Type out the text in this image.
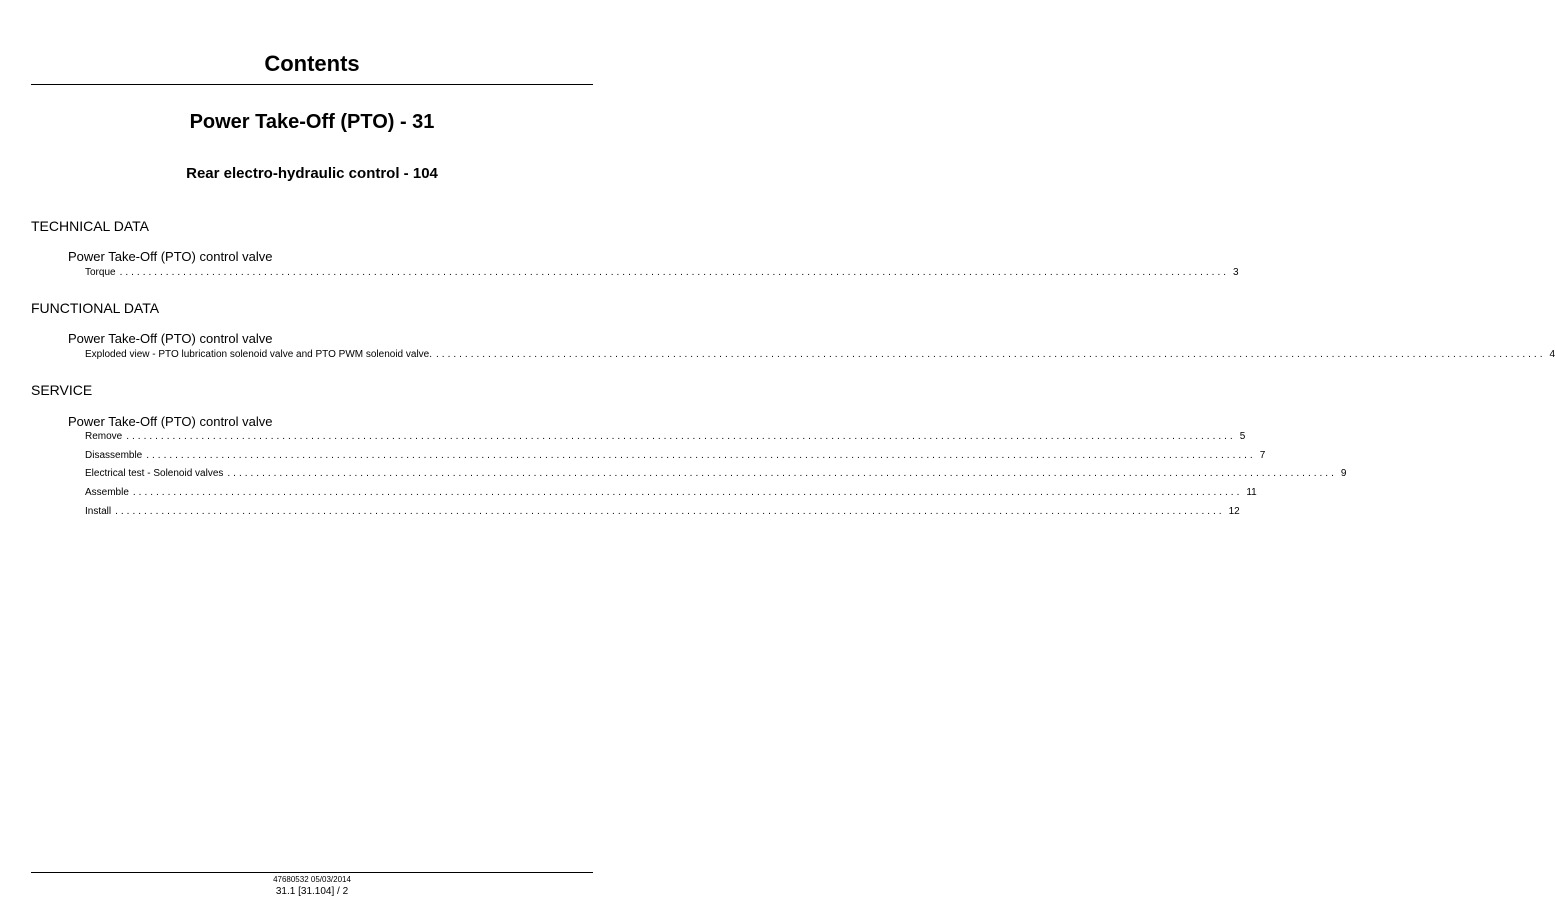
Contents
Power Take-Off (PTO) - 31
Rear electro-hydraulic control - 104
TECHNICAL DATA
Power Take-Off (PTO) control valve
Torque ................................................................................................................................................................................................ 3
FUNCTIONAL DATA
Power Take-Off (PTO) control valve
Exploded view - PTO lubrication solenoid valve and PTO PWM solenoid valve. ................................................................................................................................................................................................ 4
SERVICE
Power Take-Off (PTO) control valve
Remove ................................................................................................................................................................................................ 5
Disassemble ................................................................................................................................................................................................ 7
Electrical test - Solenoid valves ................................................................................................................................................................................................ 9
Assemble ................................................................................................................................................................................................ 11
Install ................................................................................................................................................................................................ 12
47680532 05/03/2014
31.1 [31.104] / 2
